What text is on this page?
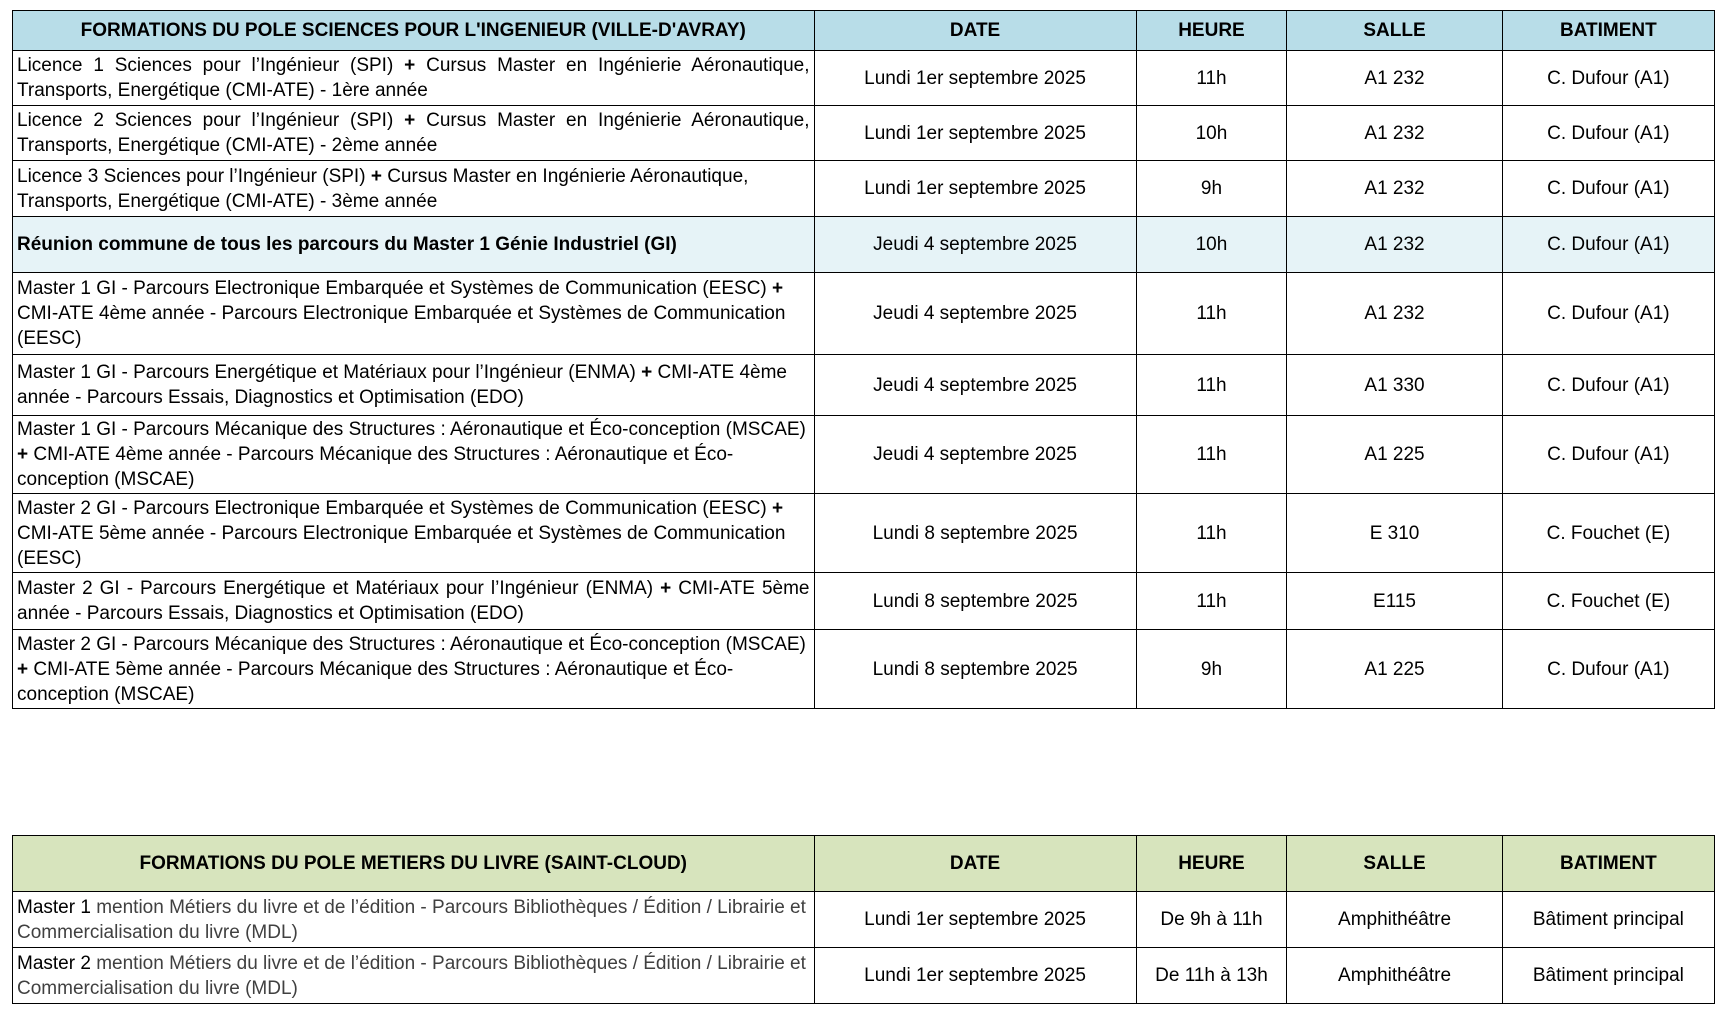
FORMATIONS DU POLE SCIENCES POUR L'INGENIEUR (VILLE-D'AVRAY)	DATE	HEURE	SALLE	BATIMENT
Licence 1 Sciences pour l’Ingénieur (SPI) + Cursus Master en Ingénierie Aéronautique, Transports, Energétique (CMI-ATE) - 1ère année	Lundi 1er septembre 2025	11h	A1 232	C. Dufour (A1)
Licence 2 Sciences pour l’Ingénieur (SPI) + Cursus Master en Ingénierie Aéronautique, Transports, Energétique (CMI-ATE) - 2ème année	Lundi 1er septembre 2025	10h	A1 232	C. Dufour (A1)
Licence 3 Sciences pour l’Ingénieur (SPI) + Cursus Master en Ingénierie Aéronautique, Transports, Energétique (CMI-ATE) - 3ème année	Lundi 1er septembre 2025	9h	A1 232	C. Dufour (A1)
Réunion commune de tous les parcours du Master 1 Génie Industriel (GI)	Jeudi 4 septembre 2025	10h	A1 232	C. Dufour (A1)
Master 1 GI - Parcours Electronique Embarquée et Systèmes de Communication (EESC) + CMI-ATE 4ème année - Parcours Electronique Embarquée et Systèmes de Communication (EESC)	Jeudi 4 septembre 2025	11h	A1 232	C. Dufour (A1)
Master 1 GI - Parcours Energétique et Matériaux pour l’Ingénieur (ENMA) + CMI-ATE 4ème année - Parcours Essais, Diagnostics et Optimisation (EDO)	Jeudi 4 septembre 2025	11h	A1 330	C. Dufour (A1)
Master 1 GI - Parcours Mécanique des Structures : Aéronautique et Éco-conception (MSCAE) + CMI-ATE 4ème année - Parcours Mécanique des Structures : Aéronautique et Éco-conception (MSCAE)	Jeudi 4 septembre 2025	11h	A1 225	C. Dufour (A1)
Master 2 GI - Parcours Electronique Embarquée et Systèmes de Communication (EESC) + CMI-ATE 5ème année - Parcours Electronique Embarquée et Systèmes de Communication (EESC)	Lundi 8 septembre 2025	11h	E 310	C. Fouchet (E)
Master 2 GI - Parcours Energétique et Matériaux pour l’Ingénieur (ENMA) + CMI-ATE 5ème année - Parcours Essais, Diagnostics et Optimisation (EDO)	Lundi 8 septembre 2025	11h	E115	C. Fouchet (E)
Master 2 GI - Parcours Mécanique des Structures : Aéronautique et Éco-conception (MSCAE) + CMI-ATE 5ème année - Parcours Mécanique des Structures : Aéronautique et Éco-conception (MSCAE)	Lundi 8 septembre 2025	9h	A1 225	C. Dufour (A1)
FORMATIONS DU POLE METIERS DU LIVRE (SAINT-CLOUD)	DATE	HEURE	SALLE	BATIMENT
Master 1 mention Métiers du livre et de l’édition - Parcours Bibliothèques / Édition / Librairie et Commercialisation du livre (MDL)	Lundi 1er septembre 2025	De 9h à 11h	Amphithéâtre	Bâtiment principal
Master 2 mention Métiers du livre et de l’édition - Parcours Bibliothèques / Édition / Librairie et Commercialisation du livre (MDL)	Lundi 1er septembre 2025	De 11h à 13h	Amphithéâtre	Bâtiment principal
